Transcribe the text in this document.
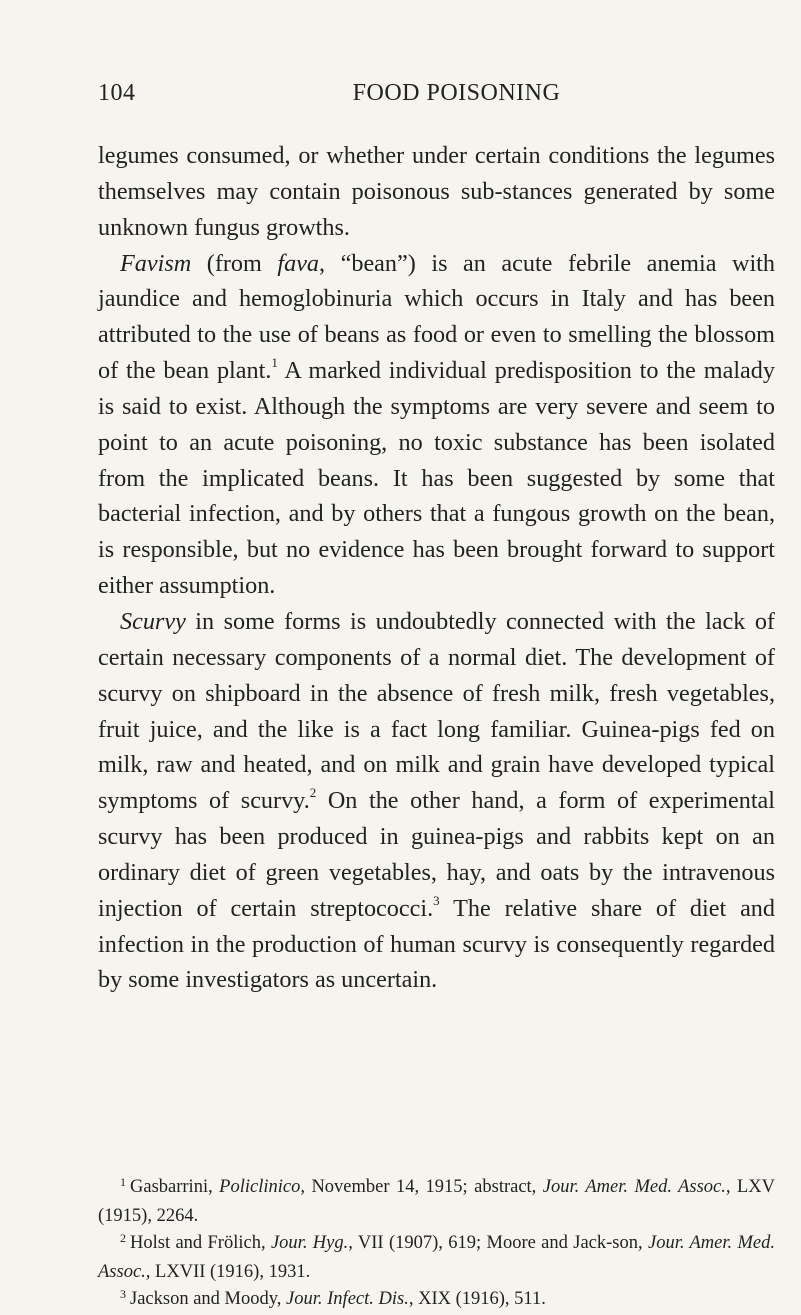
104	FOOD POISONING

legumes consumed, or whether under certain conditions the legumes themselves may contain poisonous sub-stances generated by some unknown fungus growths.

Favism (from fava, “bean”) is an acute febrile anemia with jaundice and hemoglobinuria which occurs in Italy and has been attributed to the use of beans as food or even to smelling the blossom of the bean plant.$^1$ A marked individual predisposition to the malady is said to exist. Although the symptoms are very severe and seem to point to an acute poisoning, no toxic substance has been isolated from the implicated beans. It has been suggested by some that bacterial infection, and by others that a fungous growth on the bean, is responsible, but no evidence has been brought forward to support either assumption.

Scurvy in some forms is undoubtedly connected with the lack of certain necessary components of a normal diet. The development of scurvy on shipboard in the absence of fresh milk, fresh vegetables, fruit juice, and the like is a fact long familiar. Guinea-pigs fed on milk, raw and heated, and on milk and grain have developed typical symptoms of scurvy.$^2$ On the other hand, a form of experimental scurvy has been produced in guinea-pigs and rabbits kept on an ordinary diet of green vegetables, hay, and oats by the intravenous injection of certain streptococci.$^3$ The relative share of diet and infection in the production of human scurvy is consequently regarded by some investigators as uncertain.

$^1$ Gasbarrini, Policlinico, November 14, 1915; abstract, Jour. Amer. Med. Assoc., LXV (1915), 2264.

$^2$ Holst and Frölich, Jour. Hyg., VII (1907), 619; Moore and Jack-son, Jour. Amer. Med. Assoc., LXVII (1916), 1931.

$^3$ Jackson and Moody, Jour. Infect. Dis., XIX (1916), 511.
